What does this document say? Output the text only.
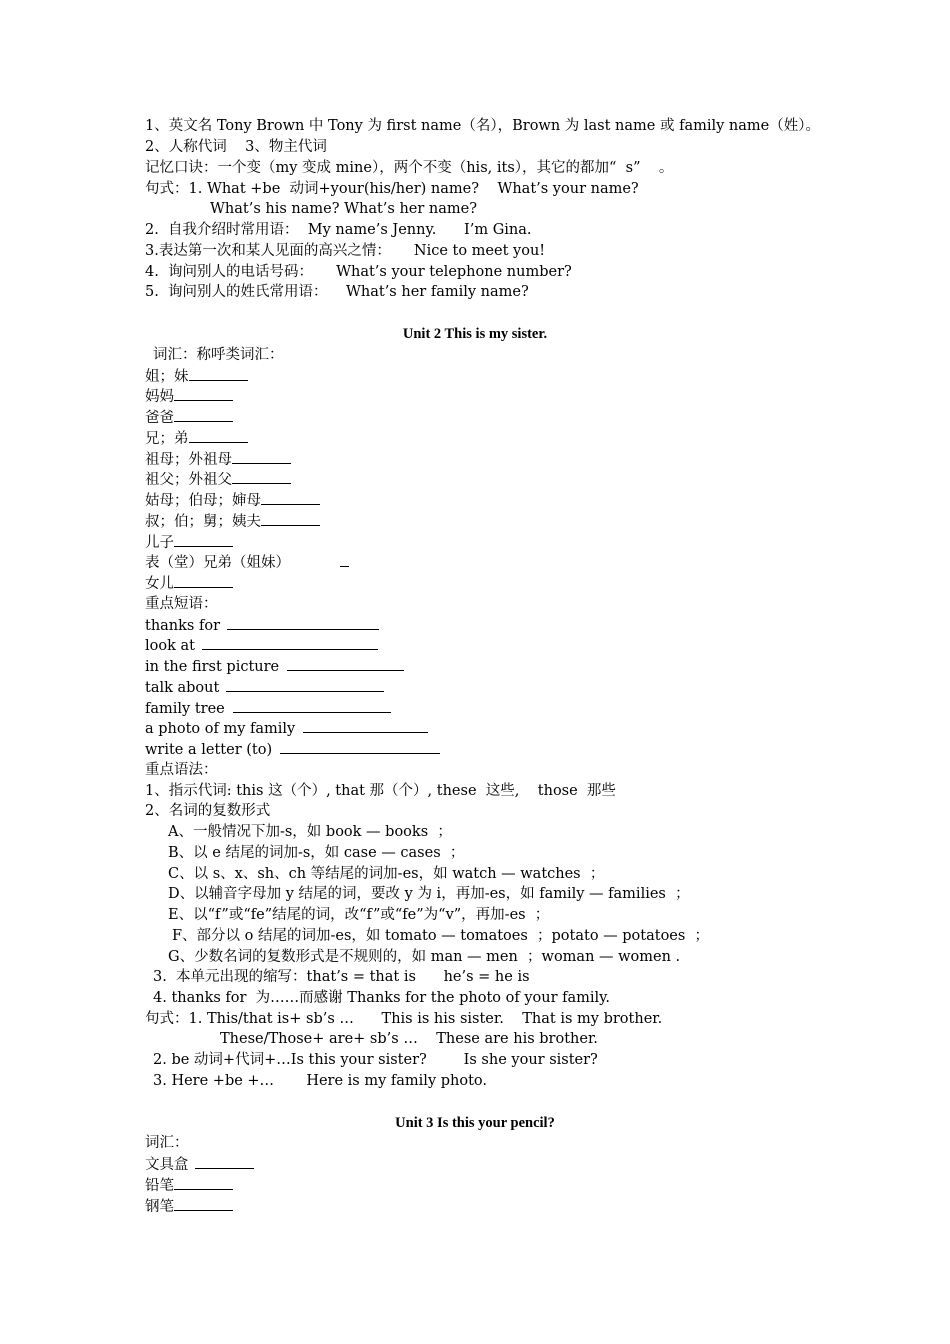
1、英文名 Tony Brown 中 Tony 为 first name（名），Brown 为 last name 或 family name（姓）。
2、人称代词    3、物主代词
记忆口诀：一个变（my 变成 mine），两个不变（his, its），其它的都加“  s”    。
句式：1. What +be  动词+your(his/her) name?    What’s your name?
What’s his name? What’s her name?
2.  自我介绍时常用语：  My name’s Jenny.      I’m Gina.
3.表达第一次和某人见面的高兴之情：     Nice to meet you!
4.  询问别人的电话号码：     What’s your telephone number?
5.  询问别人的姓氏常用语：    What’s her family name?
Unit 2 This is my sister.
词汇：称呼类词汇：
姐；妹
妈妈
爸爸
兄；弟
祖母；外祖母
祖父；外祖父
姑母；伯母；婶母
叔；伯；舅；姨夫
儿子
表（堂）兄弟（姐妹）
女儿
重点短语：
thanks for
look at
in the first picture
talk about
family tree
a photo of my family
write a letter (to)
重点语法：
1、指示代词: this 这（个）, that 那（个）, these  这些,    those  那些
2、名词的复数形式
A、一般情况下加-s，如 book — books  ；
B、以 e 结尾的词加-s，如 case — cases  ；
C、以 s、x、sh、ch 等结尾的词加-es，如 watch — watches  ；
D、以辅音字母加 y 结尾的词，要改 y 为 i，再加-es，如 family — families  ；
E、以“f”或“fe”结尾的词，改“f”或“fe”为“v”，再加-es  ；
F、部分以 o 结尾的词加-es，如 tomato — tomatoes  ；potato — potatoes  ；
G、少数名词的复数形式是不规则的，如 man — men  ；woman — women .
3.  本单元出现的缩写：that’s = that is      he’s = he is
4. thanks for  为……而感谢 Thanks for the photo of your family.
句式：1. This/that is+ sb’s …      This is his sister.    That is my brother.
These/Those+ are+ sb’s …    These are his brother.
2. be 动词+代词+…Is this your sister?        Is she your sister?
3. Here +be +…       Here is my family photo.
Unit 3 Is this your pencil?
词汇：
文具盒
铅笔
钢笔
